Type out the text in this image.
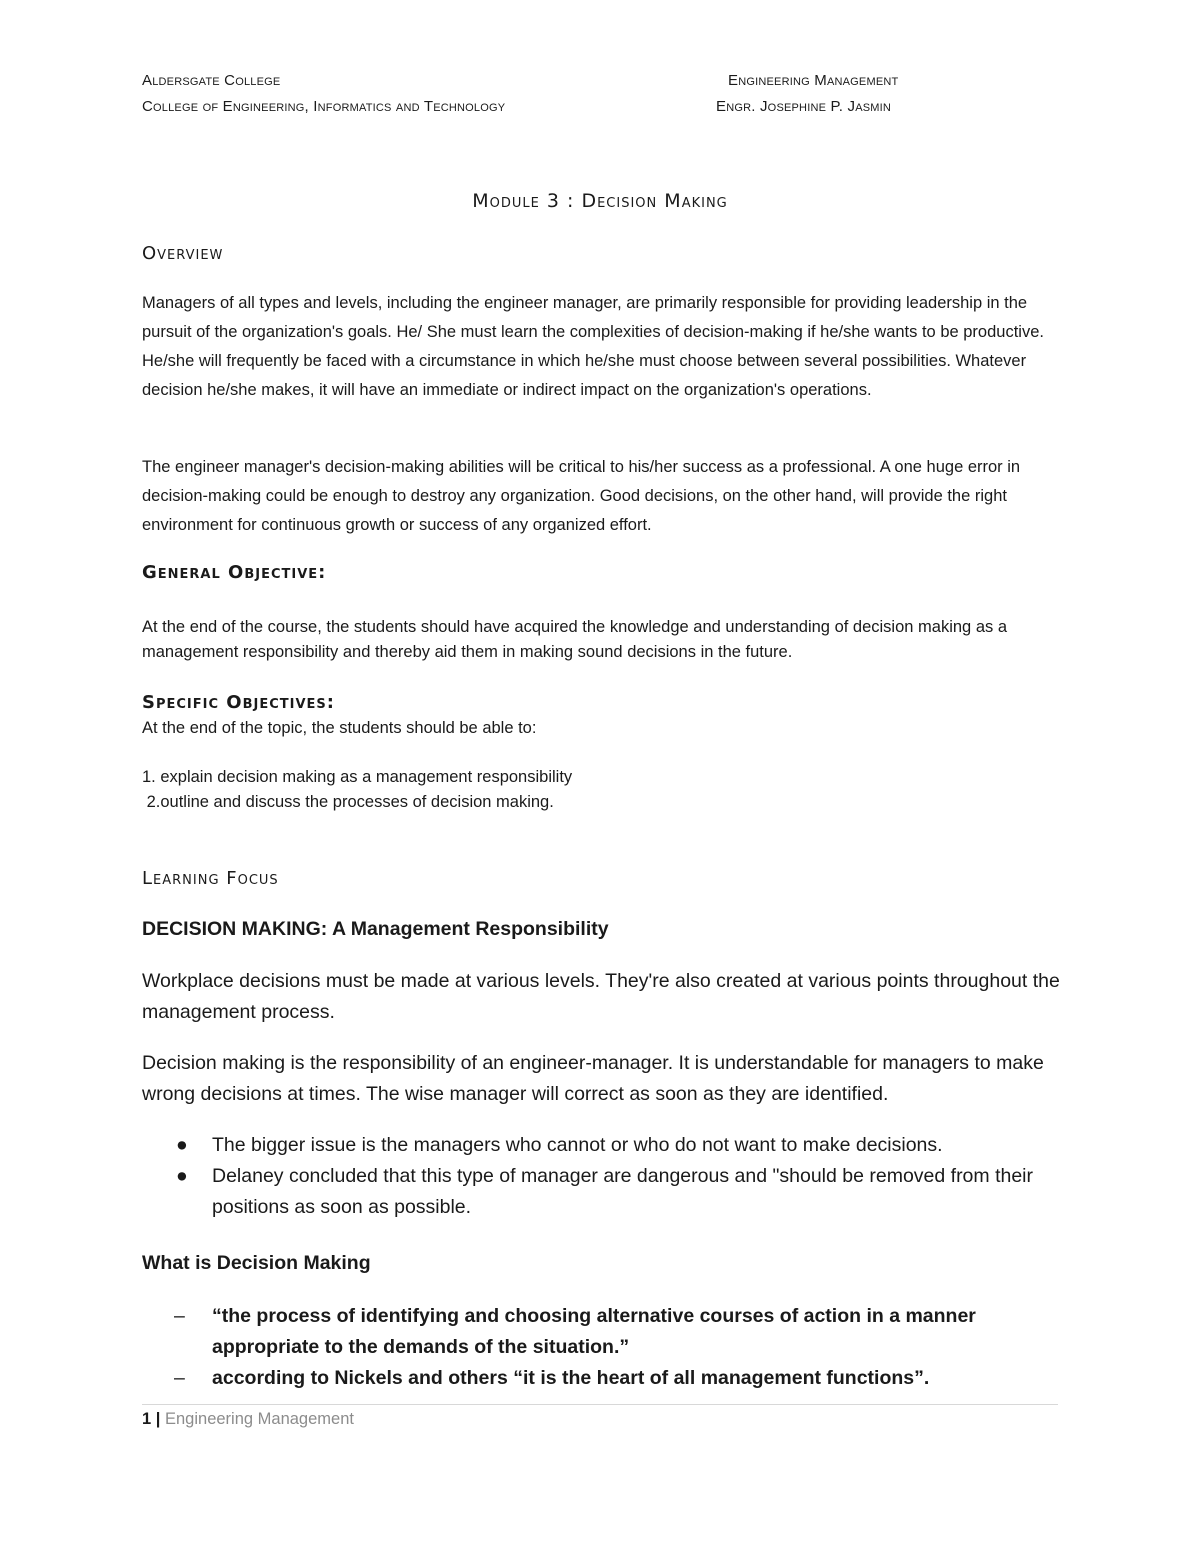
Aldersgate College
College of Engineering, Informatics and Technology
Engineering Management
Engr. Josephine P. Jasmin
Module 3 : Decision Making
Overview

Managers of all types and levels, including the engineer manager, are primarily responsible for providing leadership in the pursuit of the organization's goals. He/ She must learn the complexities of decision-making if he/she wants to be productive. He/she will frequently be faced with a circumstance in which he/she must choose between several possibilities. Whatever decision he/she makes, it will have an immediate or indirect impact on the organization's operations.

The engineer manager's decision-making abilities will be critical to his/her success as a professional. A one huge error in decision-making could be enough to destroy any organization. Good decisions, on the other hand, will provide the right environment for continuous growth or success of any organized effort.

General Objective:

At the end of the course, the students should have acquired the knowledge and understanding of decision making as a management responsibility and thereby aid them in making sound decisions in the future.

Specific Objectives:
At the end of the topic, the students should be able to:
1. explain decision making as a management responsibility
2.outline and discuss the processes of decision making.
Learning Focus
DECISION MAKING: A Management Responsibility

Workplace decisions must be made at various levels. They're also created at various points throughout the management process.

Decision making is the responsibility of an engineer-manager. It is understandable for managers to make wrong decisions at times. The wise manager will correct as soon as they are identified.

● The bigger issue is the managers who cannot or who do not want to make decisions.
● Delaney concluded that this type of manager are dangerous and "should be removed from their positions as soon as possible.
What is Decision Making
– “the process of identifying and choosing alternative courses of action in a manner appropriate to the demands of the situation.”
– according to Nickels and others “it is the heart of all management functions”.
1 | Engineering Management
